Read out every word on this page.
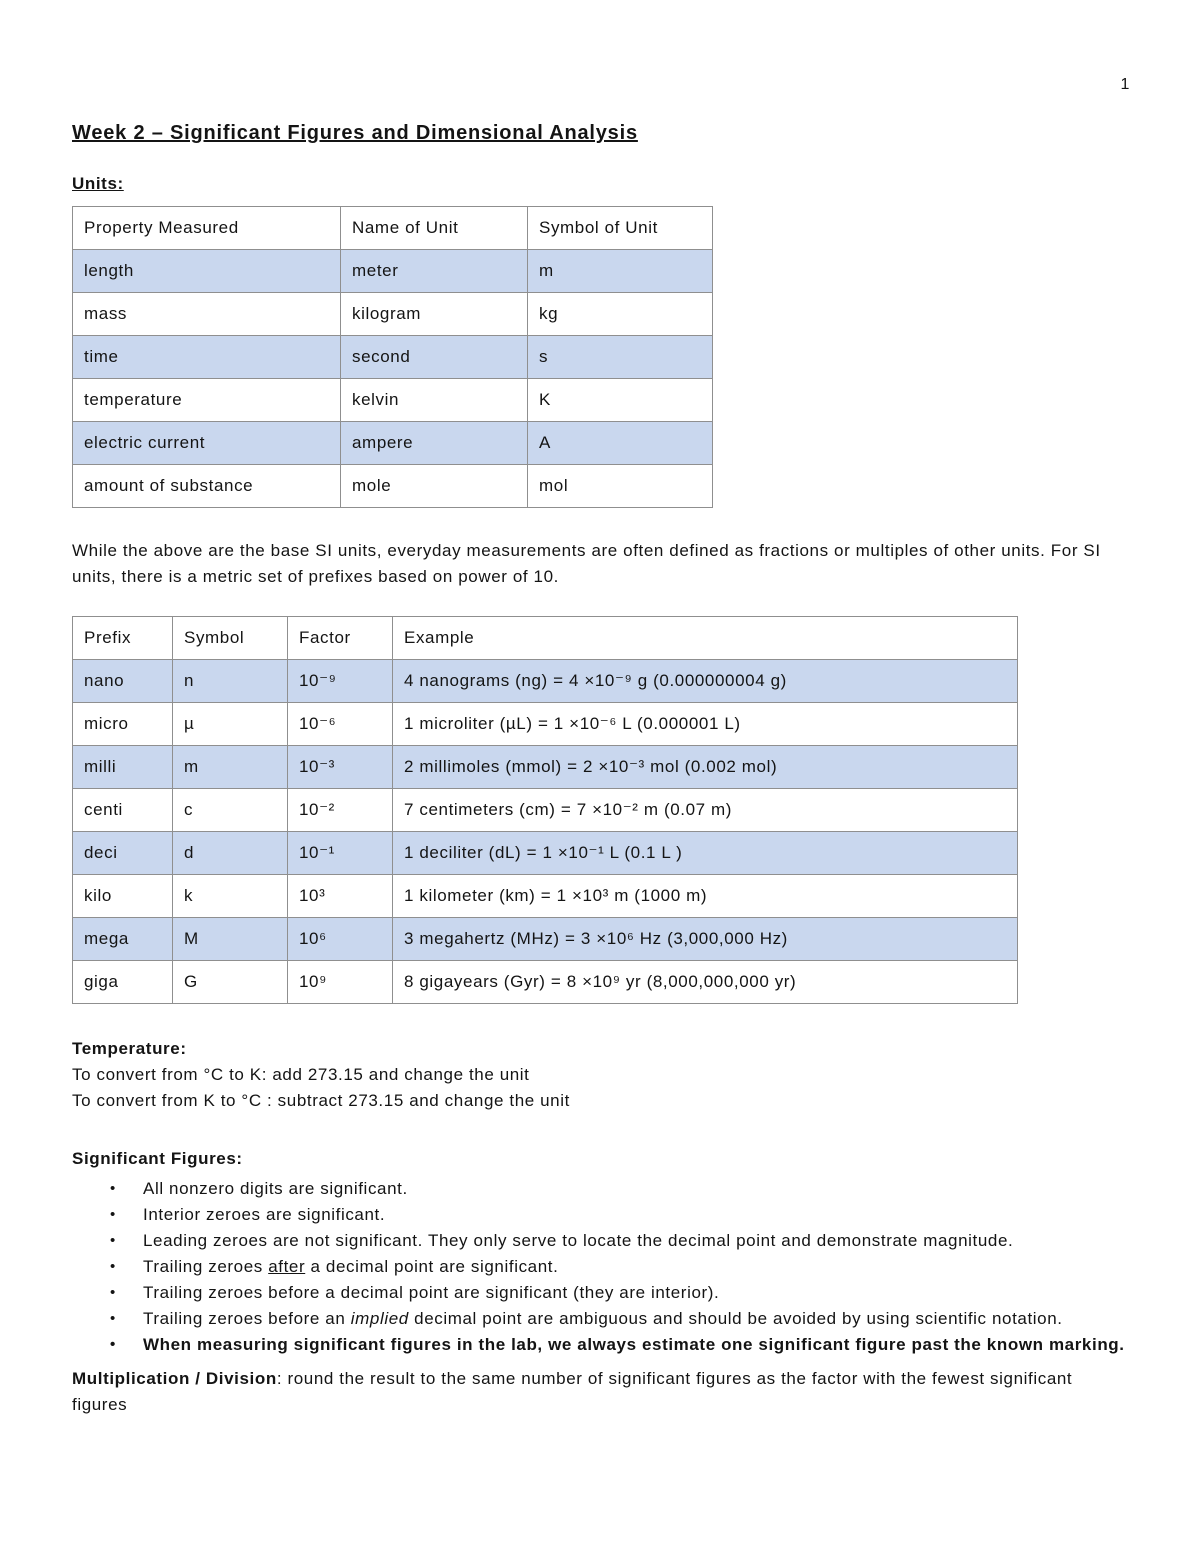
1
Week 2 – Significant Figures and Dimensional Analysis
Units:
Property Measured	Name of Unit	Symbol of Unit
length	meter	m
mass	kilogram	kg
time	second	s
temperature	kelvin	K
electric current	ampere	A
amount of substance	mole	mol

While the above are the base SI units, everyday measurements are often defined as fractions or multiples of other units. For SI units, there is a metric set of prefixes based on power of 10.

Prefix	Symbol	Factor	Example
nano	n	10⁻⁹	4 nanograms (ng) = 4 ×10⁻⁹ g (0.000000004 g)
micro	µ	10⁻⁶	1 microliter (µL) = 1 ×10⁻⁶ L (0.000001 L)
milli	m	10⁻³	2 millimoles (mmol) = 2 ×10⁻³ mol (0.002 mol)
centi	c	10⁻²	7 centimeters (cm) = 7 ×10⁻² m (0.07 m)
deci	d	10⁻¹	1 deciliter (dL) = 1 ×10⁻¹ L (0.1 L )
kilo	k	10³	1 kilometer (km) = 1 ×10³ m (1000 m)
mega	M	10⁶	3 megahertz (MHz) = 3 ×10⁶ Hz (3,000,000 Hz)
giga	G	10⁹	8 gigayears (Gyr) = 8 ×10⁹ yr (8,000,000,000 yr)
Temperature:

To convert from °C to K: add 273.15 and change the unit

To convert from K to °C : subtract 273.15 and change the unit

Significant Figures:
• All nonzero digits are significant.
• Interior zeroes are significant.
• Leading zeroes are not significant. They only serve to locate the decimal point and demonstrate magnitude.
• Trailing zeroes after a decimal point are significant.
• Trailing zeroes before a decimal point are significant (they are interior).
• Trailing zeroes before an implied decimal point are ambiguous and should be avoided by using scientific notation.
• When measuring significant figures in the lab, we always estimate one significant figure past the known marking.

Multiplication / Division: round the result to the same number of significant figures as the factor with the fewest significant figures
